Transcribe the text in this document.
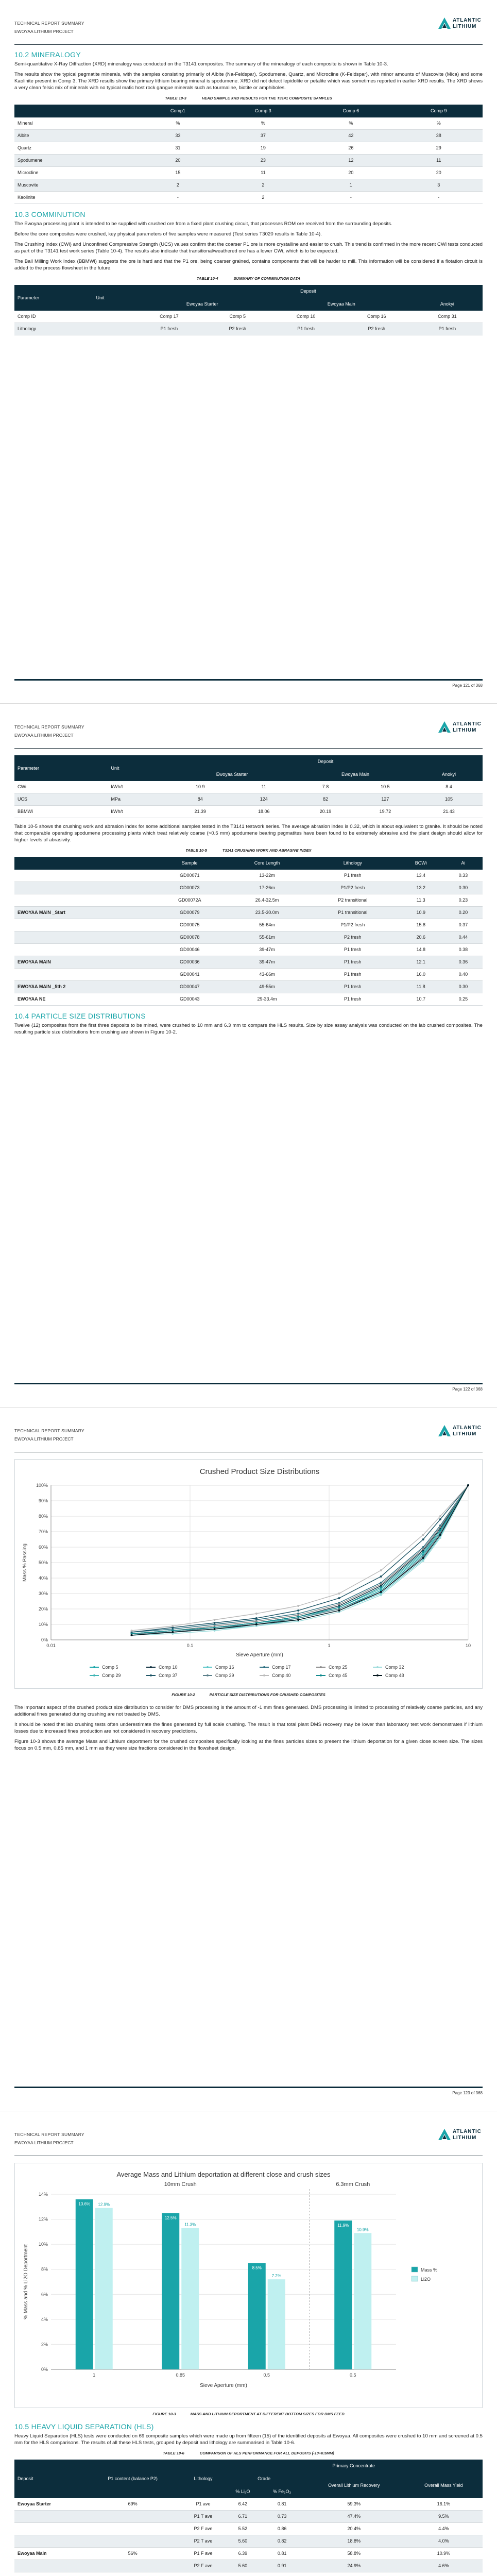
TECHNICAL REPORT SUMMARY
EWOYAA LITHIUM PROJECT
ATLANTIC
LITHIUM
10.2 MINERALOGY

Semi-quantitative X-Ray Diffraction (XRD) mineralogy was conducted on the T3141 composites. The summary of the mineralogy of each composite is shown in Table 10-3.

The results show the typical pegmatite minerals, with the samples consisting primarily of Albite (Na-Feldspar), Spodumene, Quartz, and Microcline (K-Feldspar), with minor amounts of Muscovite (Mica) and some Kaolinite present in Comp 3. The XRD results show the primary lithium bearing mineral is spodumene. XRD did not detect lepidolite or petalite which was sometimes reported in earlier XRD results. The XRD shows a very clean felsic mix of minerals with no typical mafic host rock gangue minerals such as tourmaline, biotite or amphiboles.

TABLE 10-3	HEAD SAMPLE XRD RESULTS FOR THE T3141 COMPOSITE SAMPLES
	Comp1	Comp 3	Comp 6	Comp 9
Mineral	%	%	%	%
Albite	33	37	42	38
Quartz	31	19	26	29
Spodumene	20	23	12	11
Microcline	15	11	20	20
Muscovite	2	2	1	3
Kaolinite	-	2	-	-
10.3 COMMINUTION

The Ewoyaa processing plant is intended to be supplied with crushed ore from a fixed plant crushing circuit, that processes ROM ore received from the surrounding deposits.

Before the core composites were crushed, key physical parameters of five samples were measured (Test series T3020 results in Table 10-4).

The Crushing Index (CWi) and Unconfined Compressive Strength (UCS) values confirm that the coarser P1 ore is more crystalline and easier to crush. This trend is confirmed in the more recent CWi tests conducted as part of the T3141 test work series (Table 10-4). The results also indicate that transitional/weathered ore has a lower CWi, which is to be expected.

The Ball Milling Work Index (BBMWi) suggests the ore is hard and that the P1 ore, being coarser grained, contains components that will be harder to mill. This information will be considered if a flotation circuit is added to the process flowsheet in the future.

TABLE 10-4	SUMMARY OF COMMINUTION DATA
Parameter	Unit	Deposit				
		Ewoyaa Starter		Ewoyaa Main		Anokyi
Comp ID		Comp 17	Comp 5	Comp 10	Comp 16	Comp 31
Lithology		P1 fresh	P2 fresh	P1 fresh	P2 fresh	P1 fresh
Page 121 of 368
TECHNICAL REPORT SUMMARY
EWOYAA LITHIUM PROJECT
ATLANTIC
LITHIUM
Parameter	Unit	Deposit				
		Ewoyaa Starter		Ewoyaa Main		Anokyi
CWi	kWh/t	10.9	11	7.8	10.5	8.4
UCS	MPa	84	124	82	127	105
BBMWi	kWh/t	21.39	18.06	20.19	19.72	21.43

Table 10-5 shows the crushing work and abrasion index for some additional samples tested in the T3141 testwork series. The average abrasion index is 0.32, which is about equivalent to granite. It should be noted that comparable operating spodumene processing plants which treat relatively coarse (>0.5 mm) spodumene bearing pegmatites have been found to be extremely abrasive and the plant design should allow for higher levels of abrasivity.

TABLE 10-5	T3141 CRUSHING WORK AND ABRASIVE INDEX
	Sample	Core Length	Lithology	BCWi	Ai
	GD00071	13-22m	P1 fresh	13.4	0.33
	GD00073	17-26m	P1/P2 fresh	13.2	0.30
	GD00072A	26.4-32.5m	P2 transitional	11.3	0.23
EWOYAA MAIN _Start	GD00079	23.5-30.0m	P1 transitional	10.9	0.20
	GD00075	55-64m	P1/P2 fresh	15.8	0.37
	GD00078	55-61m	P2 fresh	20.6	0.44
	GD00046	39-47m	P1 fresh	14.8	0.38
EWOYAA MAIN	GD00036	39-47m	P1 fresh	12.1	0.36
	GD00041	43-66m	P1 fresh	16.0	0.40
EWOYAA MAIN _5th 2	GD00047	49-55m	P1 fresh	11.8	0.30
EWOYAA NE	GD00043	29-33.4m	P1 fresh	10.7	0.25
10.4 PARTICLE SIZE DISTRIBUTIONS

Twelve (12) composites from the first three deposits to be mined, were crushed to 10 mm and 6.3 mm to compare the HLS results. Size by size assay analysis was conducted on the lab crushed composites. The resulting particle size distributions from crushing are shown in Figure 10-2.

Page 122 of 368
TECHNICAL REPORT SUMMARY
EWOYAA LITHIUM PROJECT
ATLANTIC
LITHIUM
Crushed Product Size Distributions
0%
10%
20%
30%
40%
50%
60%
70%
80%
90%
100%
0.01	0.1	1	10
Sieve Aperture (mm)
Mass % Passing
Comp 5	Comp 10	Comp 16	Comp 17	Comp 25	Comp 32
Comp 29	Comp 37	Comp 39	Comp 40	Comp 45	Comp 48
FIGURE 10-2	PARTICLE SIZE DISTRIBUTIONS FOR CRUSHED COMPOSITES

The important aspect of the crushed product size distribution to consider for DMS processing is the amount of -1 mm fines generated. DMS processing is limited to processing of relatively coarse particles, and any additional fines generated during crushing are not treated by DMS.

It should be noted that lab crushing tests often underestimate the fines generated by full scale crushing. The result is that total plant DMS recovery may be lower than laboratory test work demonstrates if lithium losses due to increased fines production are not considered in recovery predictions.

Figure 10-3 shows the average Mass and Lithium deportment for the crushed composites specifically looking at the fines particles sizes to present the lithium deportation for a given close screen size. The sizes focus on 0.5 mm, 0.85 mm, and 1 mm as they were size fractions considered in the flowsheet design.

Page 123 of 368
TECHNICAL REPORT SUMMARY
EWOYAA LITHIUM PROJECT
ATLANTIC
LITHIUM
Average Mass and Lithium deportation at different close and crush sizes
0%
2%
4%
6%
8%
10%
12%
14%
% Mass and % Li2O Deportment
Sieve Aperture (mm)
13.6% 12.9%
1
12.5%
11.3%
0.85
8.5%
7.2%
0.5
11.9%
10.9%
0.5
10mm Crush	6.3mm Crush
Mass %
Li2O
FIGURE 10-3	MASS AND LITHIUM DEPORTMENT AT DIFFERENT BOTTOM SIZES FOR DMS FEED
10.5 HEAVY LIQUID SEPARATION (HLS)

Heavy Liquid Separation (HLS) tests were conducted on 69 composite samples which were made up from fifteen (15) of the identified deposits at Ewoyaa. All composites were crushed to 10 mm and screened at 0.5 mm for the HLS comparisons. The results of all these HLS tests, grouped by deposit and lithology are summarised in Table 10-6.

TABLE 10-6	COMPARISON OF HLS PERFORMANCE FOR ALL DEPOSITS (-10+0.5MM)
Deposit	P1 content (balance P2)	Lithology	Primary Concentrate			
			Grade		Overall Lithium Recovery	Overall Mass Yield
			% Li₂O	% Fe₂O₃		
Ewoyaa Starter	69%	P1 ave	6.42	0.81	59.3%	16.1%
		P1 T ave	6.71	0.73	47.4%	9.5%
		P2 F ave	5.52	0.86	20.4%	4.4%
		P2 T ave	5.60	0.82	18.8%	4.0%
Ewoyaa Main	56%	P1 F ave	6.39	0.81	58.8%	10.9%
		P2 F ave	5.60	0.91	24.9%	4.6%
